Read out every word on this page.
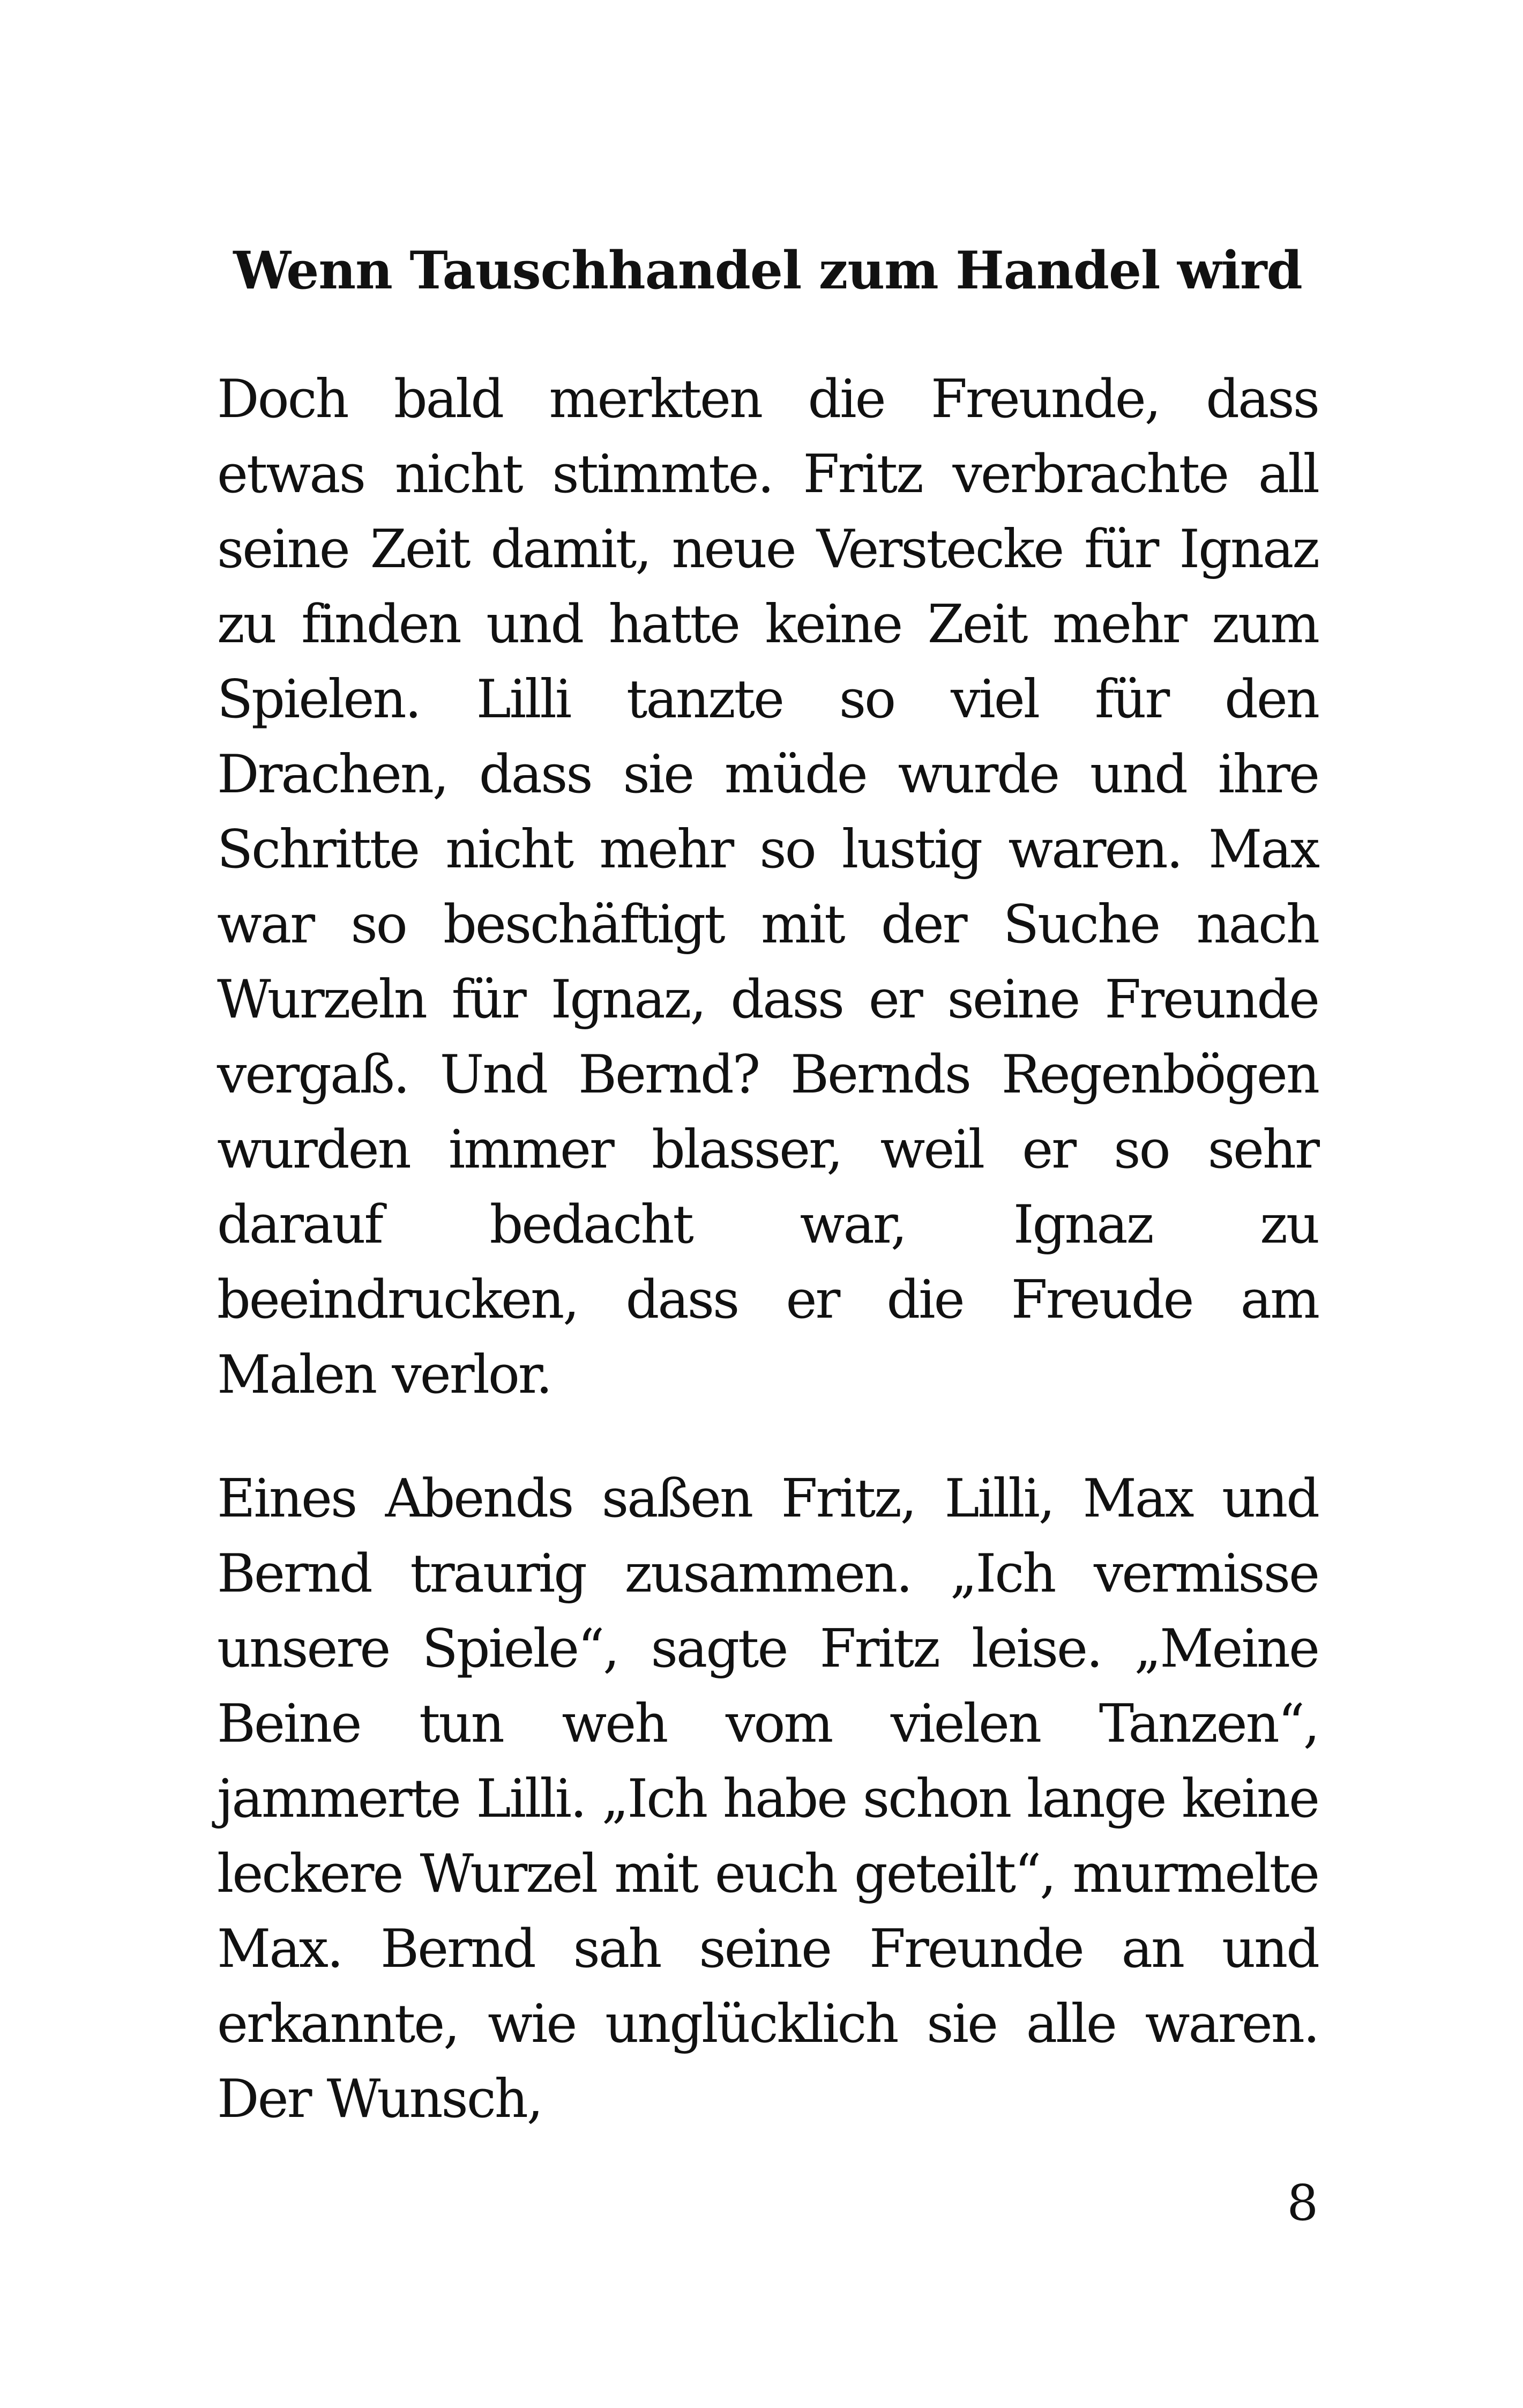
Wenn Tauschhandel zum Handel wird

Doch bald merkten die Freunde, dass etwas nicht stimmte. Fritz verbrachte all seine Zeit damit, neue Verstecke für Ignaz zu finden und hatte keine Zeit mehr zum Spielen. Lilli tanzte so viel für den Drachen, dass sie müde wurde und ihre Schritte nicht mehr so lustig waren. Max war so beschäftigt mit der Suche nach Wurzeln für Ignaz, dass er seine Freunde vergaß. Und Bernd? Bernds Regenbögen wurden immer blasser, weil er so sehr darauf bedacht war, Ignaz zu beeindrucken, dass er die Freude am Malen verlor.

Eines Abends saßen Fritz, Lilli, Max und Bernd traurig zusammen. „Ich vermisse unsere Spiele“, sagte Fritz leise. „Meine Beine tun weh vom vielen Tanzen“, jammerte Lilli. „Ich habe schon lange keine leckere Wurzel mit euch geteilt“, murmelte Max. Bernd sah seine Freunde an und erkannte, wie unglücklich sie alle waren. Der Wunsch,

8
